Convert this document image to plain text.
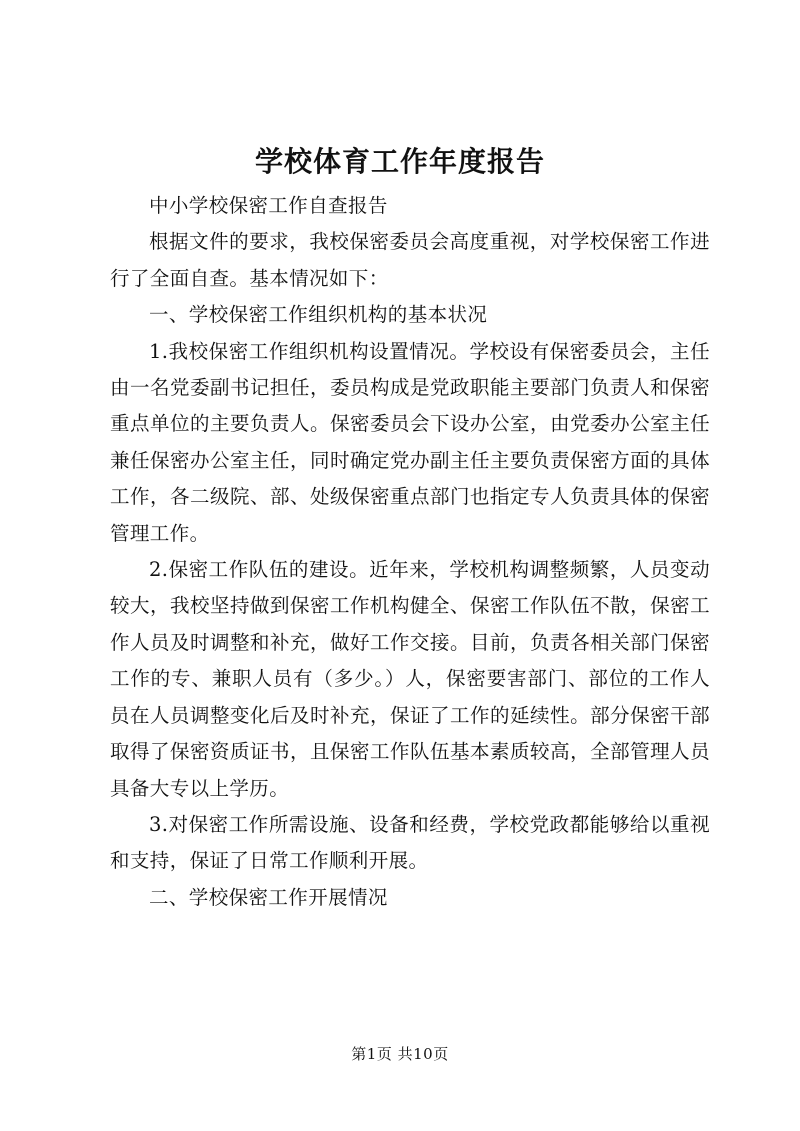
学校体育工作年度报告

中小学校保密工作自查报告

根据文件的要求，我校保密委员会高度重视，对学校保密工作进行了全面自查。基本情况如下：

一、学校保密工作组织机构的基本状况

1.我校保密工作组织机构设置情况。学校设有保密委员会，主任由一名党委副书记担任，委员构成是党政职能主要部门负责人和保密重点单位的主要负责人。保密委员会下设办公室，由党委办公室主任兼任保密办公室主任，同时确定党办副主任主要负责保密方面的具体工作，各二级院、部、处级保密重点部门也指定专人负责具体的保密管理工作。

2.保密工作队伍的建设。近年来，学校机构调整频繁，人员变动较大，我校坚持做到保密工作机构健全、保密工作队伍不散，保密工作人员及时调整和补充，做好工作交接。目前，负责各相关部门保密工作的专、兼职人员有（多少。）人，保密要害部门、部位的工作人员在人员调整变化后及时补充，保证了工作的延续性。部分保密干部取得了保密资质证书，且保密工作队伍基本素质较高，全部管理人员具备大专以上学历。

3.对保密工作所需设施、设备和经费，学校党政都能够给以重视和支持，保证了日常工作顺利开展。

二、学校保密工作开展情况

第1页 共10页
